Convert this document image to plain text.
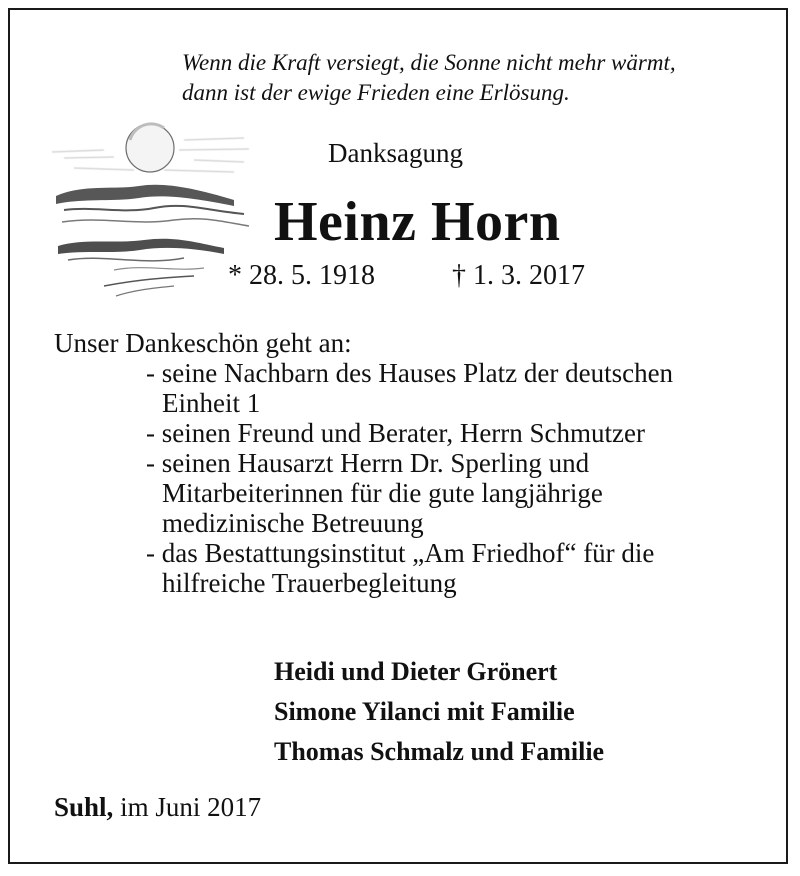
Wenn die Kraft versiegt, die Sonne nicht mehr wärmt,
dann ist der ewige Frieden eine Erlösung.
Danksagung
Heinz Horn
* 28. 5. 1918	† 1. 3. 2017
Unser Dankeschön geht an:
- seine Nachbarn des Hauses Platz der deutschen
Einheit 1
- seinen Freund und Berater, Herrn Schmutzer
- seinen Hausarzt Herrn Dr. Sperling und
Mitarbeiterinnen für die gute langjährige
medizinische Betreuung
- das Bestattungsinstitut „Am Friedhof“ für die
hilfreiche Trauerbegleitung
Heidi und Dieter Grönert
Simone Yilanci mit Familie
Thomas Schmalz und Familie
Suhl, im Juni 2017
